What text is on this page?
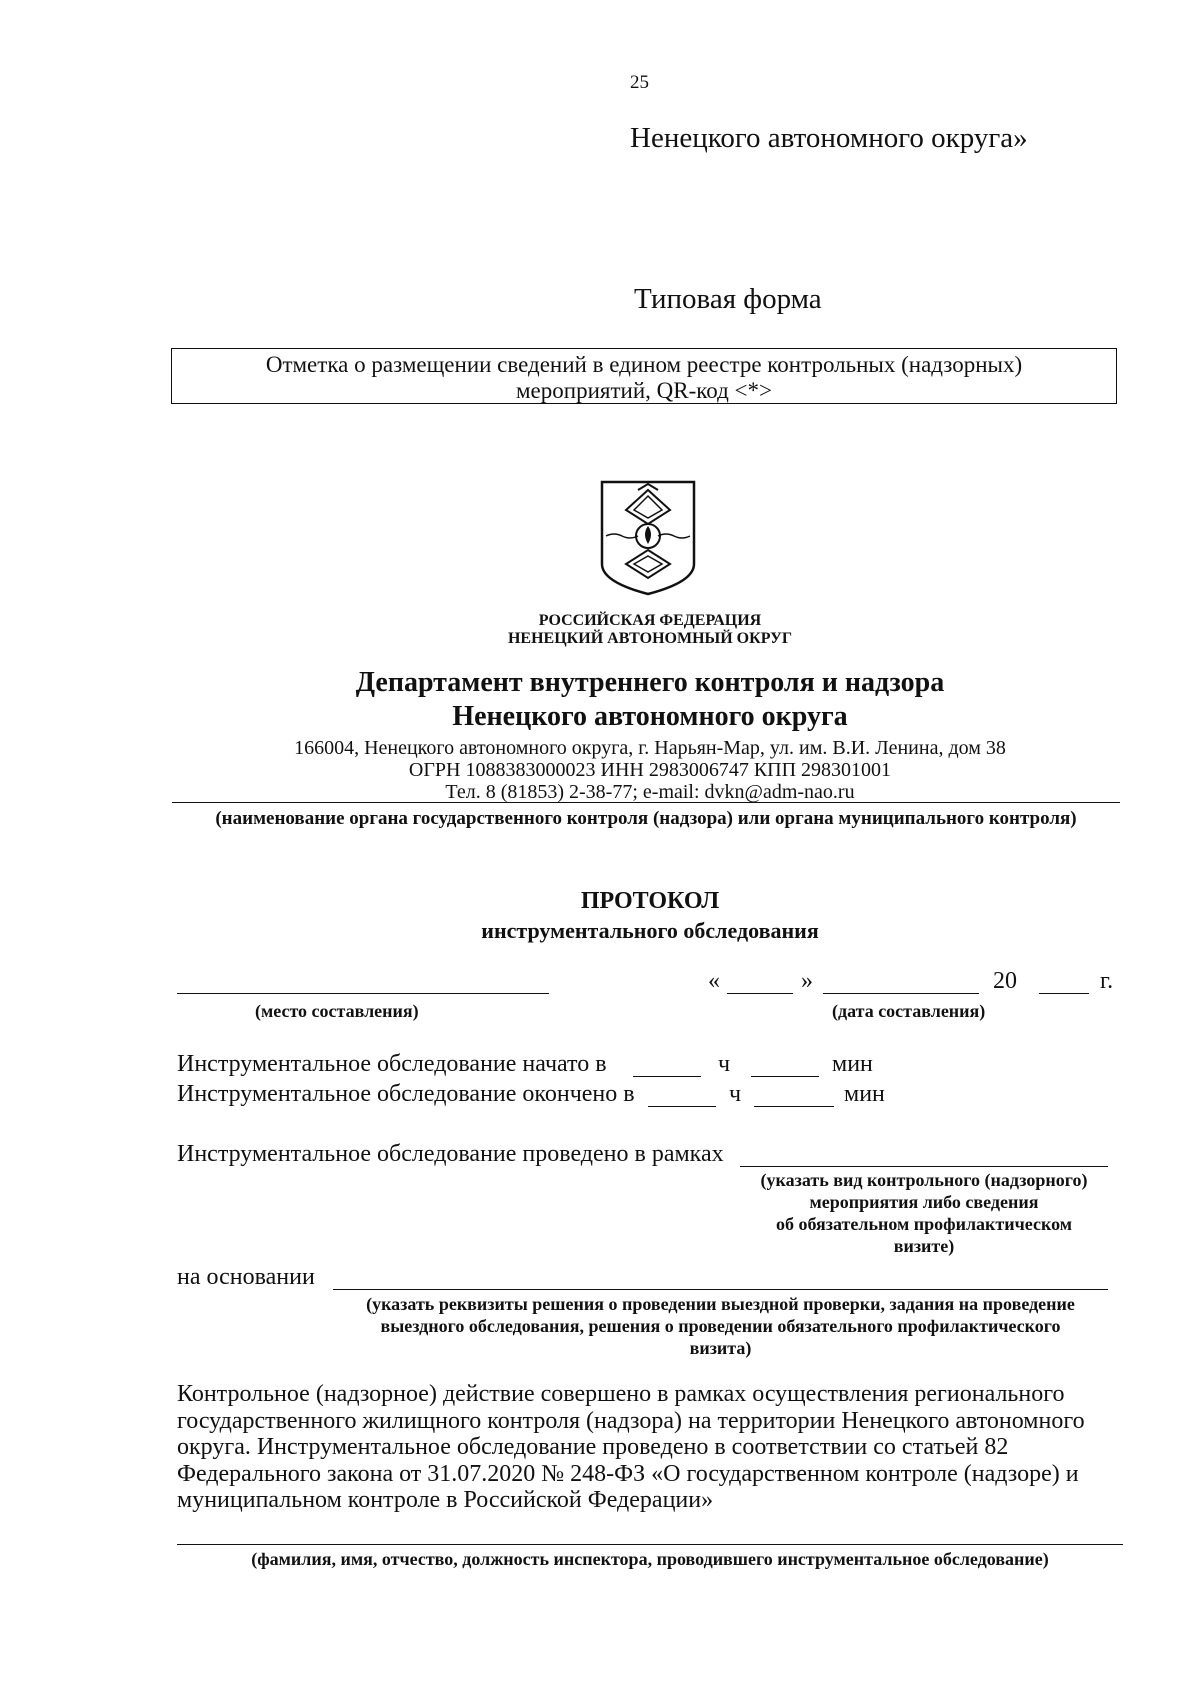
25
Ненецкого автономного округа»
Типовая форма
Отметка о размещении сведений в едином реестре контрольных (надзорных)
мероприятий, QR-код <*>
РОССИЙСКАЯ ФЕДЕРАЦИЯ
НЕНЕЦКИЙ АВТОНОМНЫЙ ОКРУГ
Департамент внутреннего контроля и надзора
Ненецкого автономного округа
166004, Ненецкого автономного округа, г. Нарьян-Мар, ул. им. В.И. Ленина, дом 38
ОГРН 1088383000023 ИНН 2983006747 КПП 298301001
Тел. 8 (81853) 2-38-77; e-mail: dvkn@adm-nao.ru
(наименование органа государственного контроля (надзора) или органа муниципального контроля)
ПРОТОКОЛ
инструментального обследования
(место составления)
«	»	20	г.
(дата составления)
Инструментальное обследование начато в	ч	мин
Инструментальное обследование окончено в	ч	мин
Инструментальное обследование проведено в рамках
(указать вид контрольного (надзорного)
мероприятия либо сведения
об обязательном профилактическом
визите)
на основании
(указать реквизиты решения о проведении выездной проверки, задания на проведение
выездного обследования, решения о проведении обязательного профилактического
визита)
Контрольное (надзорное) действие совершено в рамках осуществления регионального
государственного жилищного контроля (надзора) на территории Ненецкого автономного
округа. Инструментальное обследование проведено в соответствии со статьей 82
Федерального закона от 31.07.2020 № 248-ФЗ «О государственном контроле (надзоре) и
муниципальном контроле в Российской Федерации»
(фамилия, имя, отчество, должность инспектора, проводившего инструментальное обследование)
